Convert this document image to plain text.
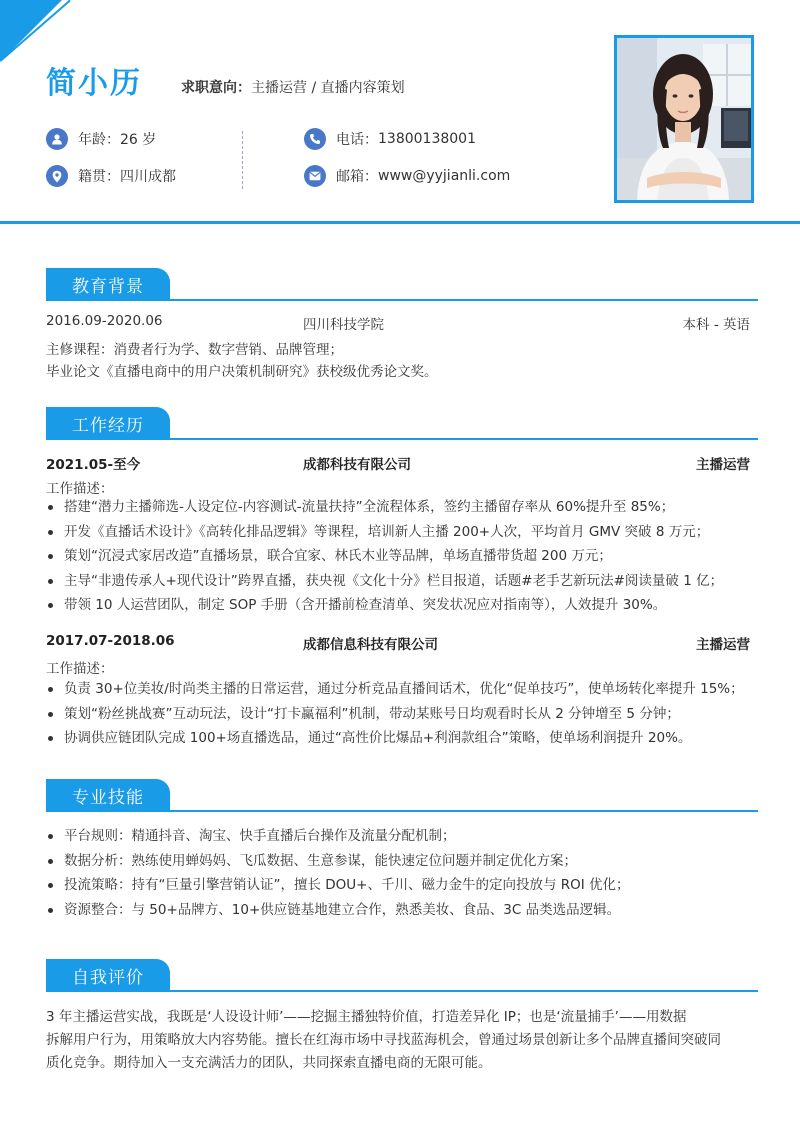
简小历	求职意向：主播运营 / 直播内容策划
年龄： 26 岁
籍贯： 四川成都
电话： 13800138001
邮箱： www@yyjianli.com
教育背景
2016.09-2020.06	四川科技学院	本科 - 英语
主修课程：消费者行为学、数字营销、品牌管理；
毕业论文《直播电商中的用户决策机制研究》获校级优秀论文奖。
工作经历
2021.05-至今	成都科技有限公司	主播运营
工作描述：
搭建“潜力主播筛选-人设定位-内容测试-流量扶持”全流程体系，签约主播留存率从 60%提升至 85%；
开发《直播话术设计》《高转化排品逻辑》等课程，培训新人主播 200+人次，平均首月 GMV 突破 8 万元；
策划“沉浸式家居改造”直播场景，联合宜家、林氏木业等品牌，单场直播带货超 200 万元；
主导“非遗传承人+现代设计”跨界直播，获央视《文化十分》栏目报道，话题#老手艺新玩法#阅读量破 1 亿；
带领 10 人运营团队，制定 SOP 手册（含开播前检查清单、突发状况应对指南等），人效提升 30%。
2017.07-2018.06	成都信息科技有限公司	主播运营
工作描述：
负责 30+位美妆/时尚类主播的日常运营，通过分析竞品直播间话术，优化“促单技巧”，使单场转化率提升 15%；
策划“粉丝挑战赛”互动玩法，设计“打卡赢福利”机制，带动某账号日均观看时长从 2 分钟增至 5 分钟；
协调供应链团队完成 100+场直播选品，通过“高性价比爆品+利润款组合”策略，使单场利润提升 20%。
专业技能
平台规则：精通抖音、淘宝、快手直播后台操作及流量分配机制；
数据分析：熟练使用蝉妈妈、飞瓜数据、生意参谋，能快速定位问题并制定优化方案；
投流策略：持有“巨量引擎营销认证”，擅长 DOU+、千川、磁力金牛的定向投放与 ROI 优化；
资源整合：与 50+品牌方、10+供应链基地建立合作，熟悉美妆、食品、3C 品类选品逻辑。
自我评价
3 年主播运营实战，我既是‘人设设计师’——挖掘主播独特价值，打造差异化 IP；也是‘流量捕手’——用数据
拆解用户行为，用策略放大内容势能。擅长在红海市场中寻找蓝海机会，曾通过场景创新让多个品牌直播间突破同
质化竞争。期待加入一支充满活力的团队，共同探索直播电商的无限可能。
